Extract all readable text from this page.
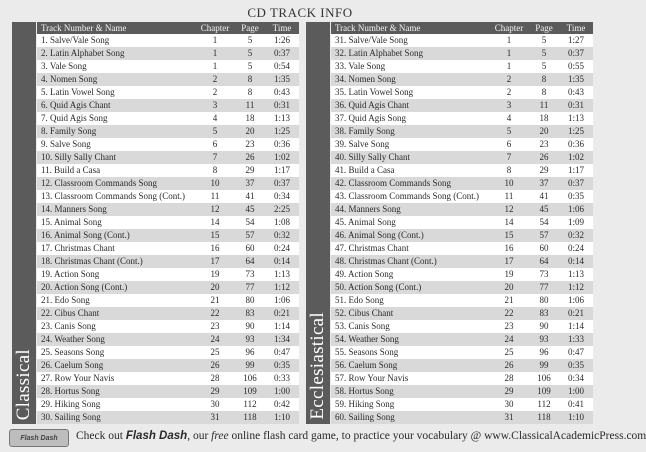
CD TRACK INFO
Classical
Track Number & Name	Chapter	Page	Time
1. Salve/Vale Song	1	5	1:26
2. Latin Alphabet Song	1	5	0:37
3. Vale Song	1	5	0:54
4. Nomen Song	2	8	1:35
5. Latin Vowel Song	2	8	0:43
6. Quid Agis Chant	3	11	0:31
7. Quid Agis Song	4	18	1:13
8. Family Song	5	20	1:25
9. Salve Song	6	23	0:36
10. Silly Sally Chant	7	26	1:02
11. Build a Casa	8	29	1:17
12. Classroom Commands Song	10	37	0:37
13. Classroom Commands Song (Cont.)	11	41	0:34
14. Manners Song	12	45	2:25
15. Animal Song	14	54	1:08
16. Animal Song (Cont.)	15	57	0:32
17. Christmas Chant	16	60	0:24
18. Christmas Chant (Cont.)	17	64	0:14
19. Action Song	19	73	1:13
20. Action Song (Cont.)	20	77	1:12
21. Edo Song	21	80	1:06
22. Cibus Chant	22	83	0:21
23. Canis Song	23	90	1:14
24. Weather Song	24	93	1:34
25. Seasons Song	25	96	0:47
26. Caelum Song	26	99	0:35
27. Row Your Navis	28	106	0:33
28. Hortus Song	29	109	1:00
29. Hiking Song	30	112	0:42
30. Sailing Song	31	118	1:10 Ecclesiastical
Track Number & Name	Chapter	Page	Time
31. Salve/Vale Song	1	5	1:27
32. Latin Alphabet Song	1	5	0:37
33. Vale Song	1	5	0:55
34. Nomen Song	2	8	1:35
35. Latin Vowel Song	2	8	0:43
36. Quid Agis Chant	3	11	0:31
37. Quid Agis Song	4	18	1:13
38. Family Song	5	20	1:25
39. Salve Song	6	23	0:36
40. Silly Sally Chant	7	26	1:02
41. Build a Casa	8	29	1:17
42. Classroom Commands Song	10	37	0:37
43. Classroom Commands Song (Cont.)	11	41	0:35
44. Manners Song	12	45	1:06
45. Animal Song	14	54	1:09
46. Animal Song (Cont.)	15	57	0:32
47. Christmas Chant	16	60	0:24
48. Christmas Chant (Cont.)	17	64	0:14
49. Action Song	19	73	1:13
50. Action Song (Cont.)	20	77	1:12
51. Edo Song	21	80	1:06
52. Cibus Chant	22	83	0:21
53. Canis Song	23	90	1:14
54. Weather Song	24	93	1:33
55. Seasons Song	25	96	0:47
56. Caelum Song	26	99	0:35
57. Row Your Navis	28	106	0:34
58. Hortus Song	29	109	1:00
59. Hiking Song	30	112	0:41
60. Sailing Song	31	118	1:10
Flash Dash	Check out Flash Dash, our free online flash card game, to practice your vocabulary @ www.ClassicalAcademicPress.com
